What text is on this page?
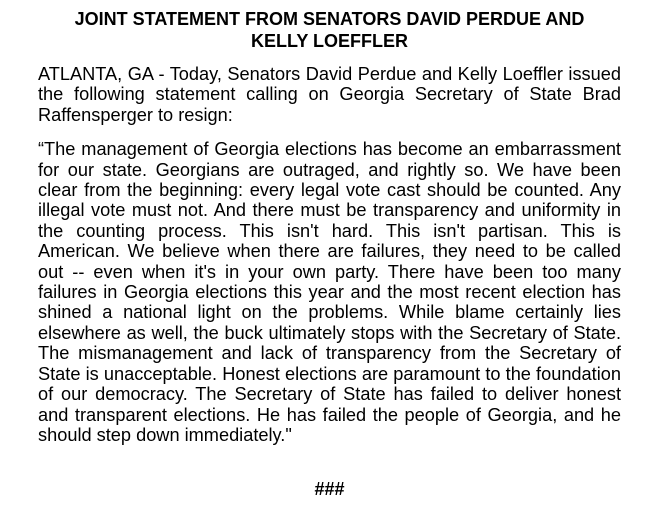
JOINT STATEMENT FROM SENATORS DAVID PERDUE AND
KELLY LOEFFLER

ATLANTA, GA - Today, Senators David Perdue and Kelly Loeffler issued the following statement calling on Georgia Secretary of State Brad Raffensperger to resign:

“The management of Georgia elections has become an embarrassment for our state. Georgians are outraged, and rightly so. We have been clear from the beginning: every legal vote cast should be counted. Any illegal vote must not. And there must be transparency and uniformity in the counting process. This isn't hard. This isn't partisan. This is American. We believe when there are failures, they need to be called out -- even when it's in your own party. There have been too many failures in Georgia elections this year and the most recent election has shined a national light on the problems. While blame certainly lies elsewhere as well, the buck ultimately stops with the Secretary of State. The mismanagement and lack of transparency from the Secretary of State is unacceptable. Honest elections are paramount to the foundation of our democracy. The Secretary of State has failed to deliver honest and transparent elections. He has failed the people of Georgia, and he should step down immediately."

###
